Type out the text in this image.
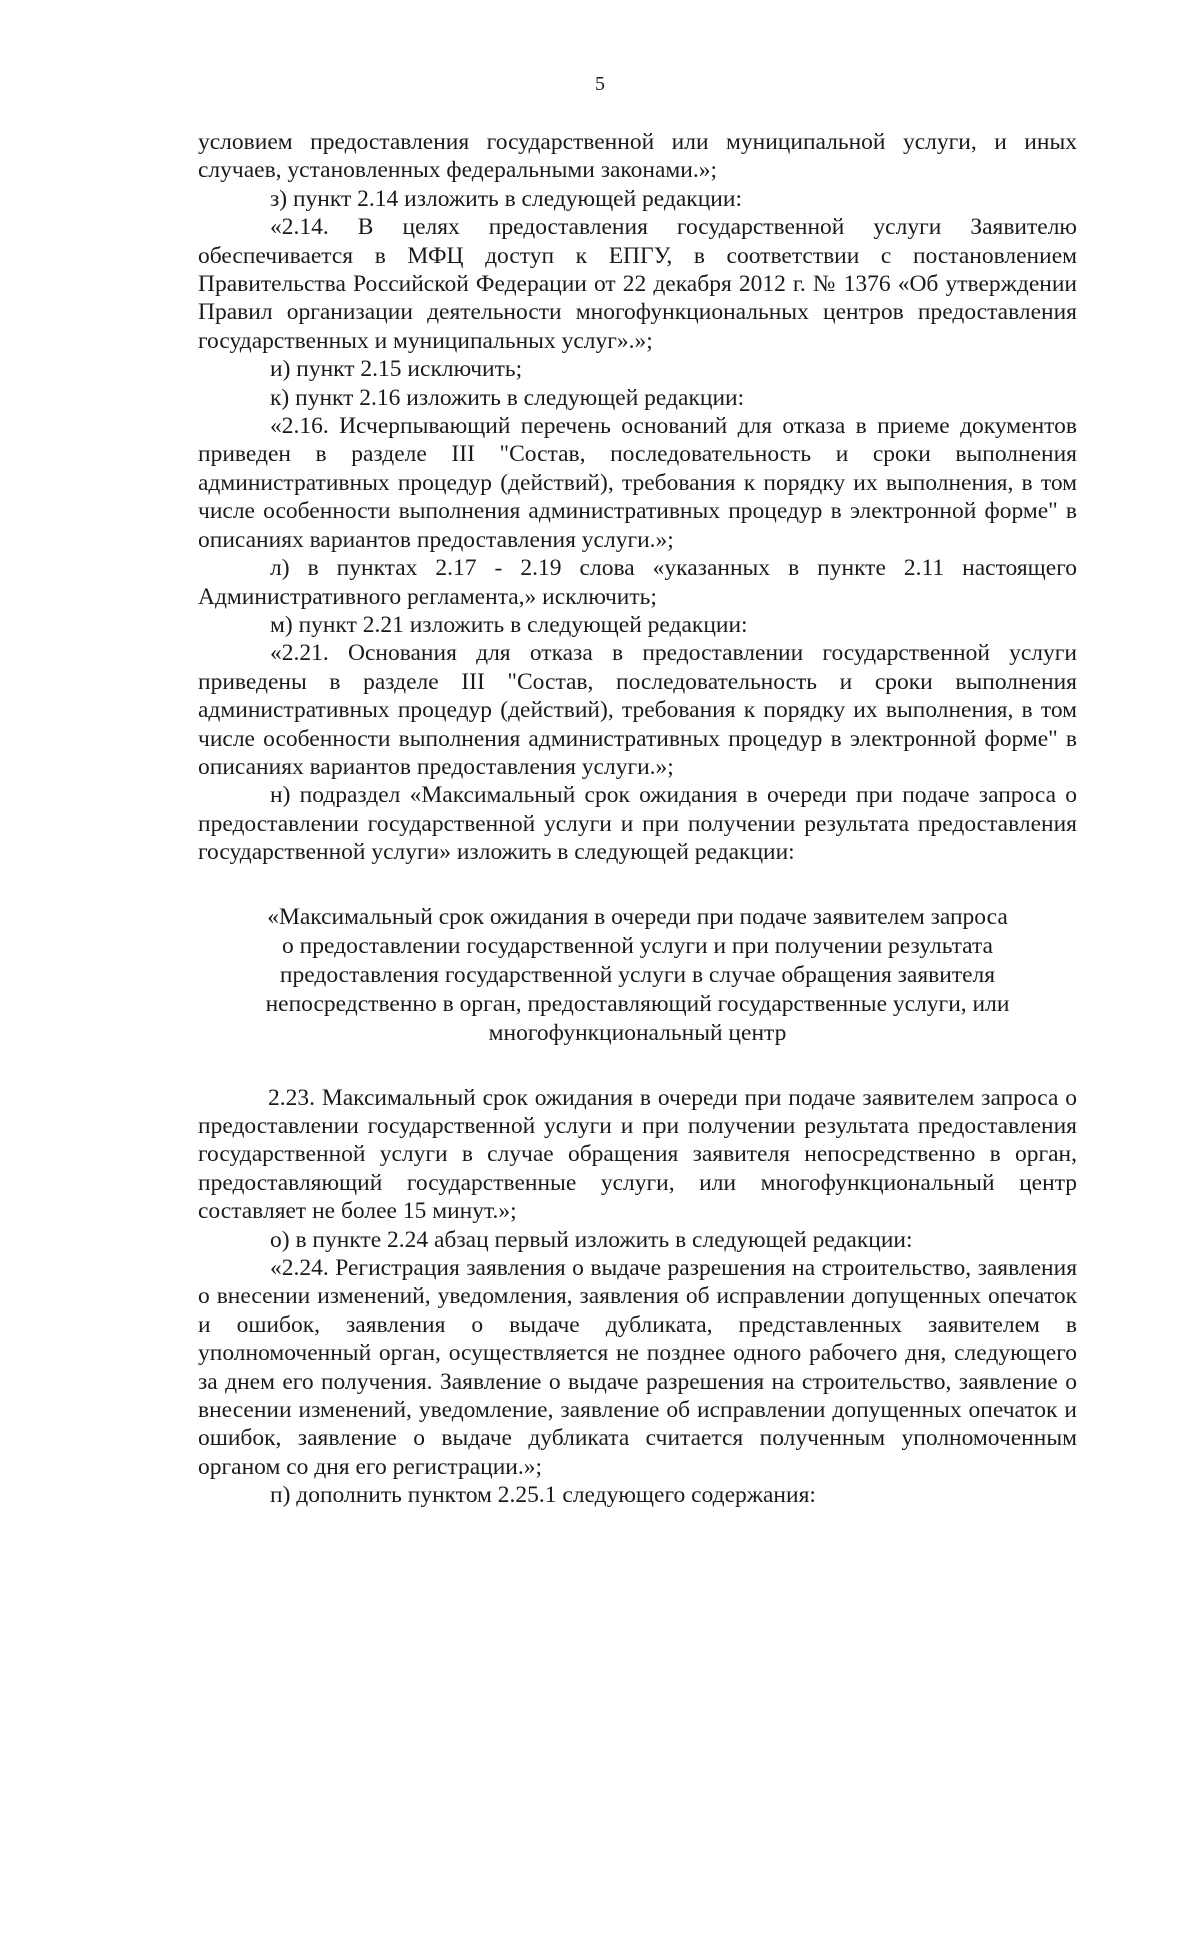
5

условием предоставления государственной или муниципальной услуги, и иных случаев, установленных федеральными законами.»;

з) пункт 2.14 изложить в следующей редакции:

«2.14. В целях предоставления государственной услуги Заявителю обеспечивается в МФЦ доступ к ЕПГУ, в соответствии с постановлением Правительства Российской Федерации от 22 декабря 2012 г. № 1376 «Об утверждении Правил организации деятельности многофункциональных центров предоставления государственных и муниципальных услуг».»;

и) пункт 2.15 исключить;

к) пункт 2.16 изложить в следующей редакции:

«2.16. Исчерпывающий перечень оснований для отказа в приеме документов приведен в разделе III "Состав, последовательность и сроки выполнения административных процедур (действий), требования к порядку их выполнения, в том числе особенности выполнения административных процедур в электронной форме" в описаниях вариантов предоставления услуги.»;

л) в пунктах 2.17 - 2.19 слова «указанных в пункте 2.11 настоящего Административного регламента,» исключить;

м) пункт 2.21 изложить в следующей редакции:

«2.21. Основания для отказа в предоставлении государственной услуги приведены в разделе III "Состав, последовательность и сроки выполнения административных процедур (действий), требования к порядку их выполнения, в том числе особенности выполнения административных процедур в электронной форме" в описаниях вариантов предоставления услуги.»;

н) подраздел «Максимальный срок ожидания в очереди при подаче запроса о предоставлении государственной услуги и при получении результата предоставления государственной услуги» изложить в следующей редакции:

«Максимальный срок ожидания в очереди при подаче заявителем запроса
о предоставлении государственной услуги и при получении результата
предоставления государственной услуги в случае обращения заявителя
непосредственно в орган, предоставляющий государственные услуги, или
многофункциональный центр

2.23. Максимальный срок ожидания в очереди при подаче заявителем запроса о предоставлении государственной услуги и при получении результата предоставления государственной услуги в случае обращения заявителя непосредственно в орган, предоставляющий государственные услуги, или многофункциональный центр составляет не более 15 минут.»;

о) в пункте 2.24 абзац первый изложить в следующей редакции:

«2.24. Регистрация заявления о выдаче разрешения на строительство, заявления о внесении изменений, уведомления, заявления об исправлении допущенных опечаток и ошибок, заявления о выдаче дубликата, представленных заявителем в уполномоченный орган, осуществляется не позднее одного рабочего дня, следующего за днем его получения. Заявление о выдаче разрешения на строительство, заявление о внесении изменений, уведомление, заявление об исправлении допущенных опечаток и ошибок, заявление о выдаче дубликата считается полученным уполномоченным органом со дня его регистрации.»;

п) дополнить пунктом 2.25.1 следующего содержания:
